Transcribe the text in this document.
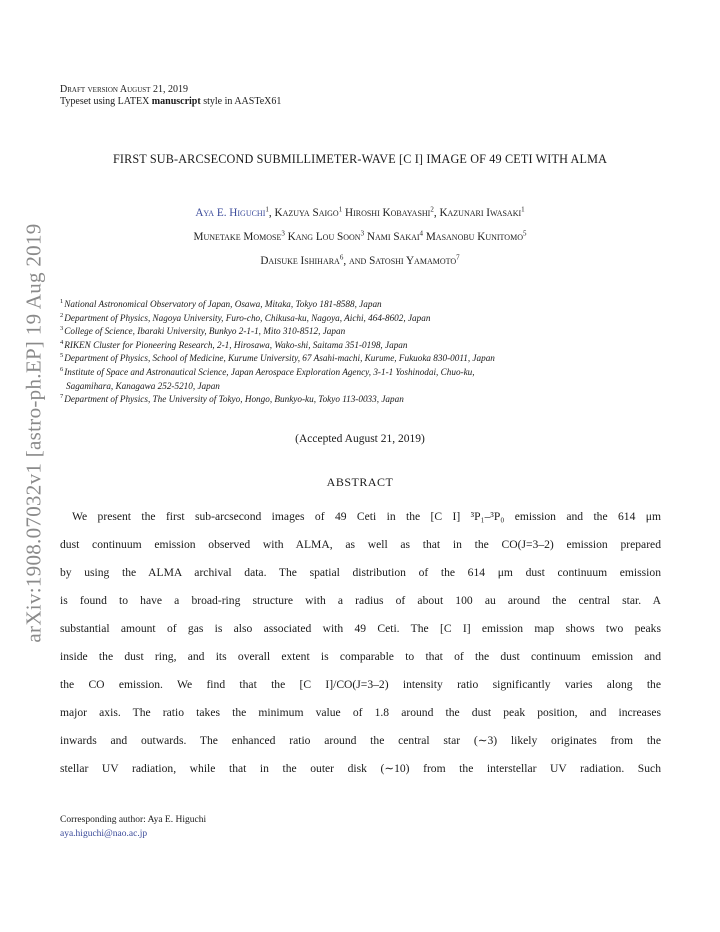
arXiv:1908.07032v1 [astro-ph.EP] 19 Aug 2019
Draft version August 21, 2019
Typeset using LATEX manuscript style in AASTeX61
FIRST SUB-ARCSECOND SUBMILLIMETER-WAVE [C I] IMAGE OF 49 CETI WITH ALMA
Aya E. Higuchi$^1$, Kazuya Saigo$^1$ Hiroshi Kobayashi$^2$, Kazunari Iwasaki$^1$
Munetake Momose$^3$ Kang Lou Soon$^3$ Nami Sakai$^4$ Masanobu Kunitomo$^5$
Daisuke Ishihara$^6$, and Satoshi Yamamoto$^7$
$^1$National Astronomical Observatory of Japan, Osawa, Mitaka, Tokyo 181-8588, Japan
$^2$Department of Physics, Nagoya University, Furo-cho, Chikusa-ku, Nagoya, Aichi, 464-8602, Japan
$^3$College of Science, Ibaraki University, Bunkyo 2-1-1, Mito 310-8512, Japan
$^4$RIKEN Cluster for Pioneering Research, 2-1, Hirosawa, Wako-shi, Saitama 351-0198, Japan
$^5$Department of Physics, School of Medicine, Kurume University, 67 Asahi-machi, Kurume, Fukuoka 830-0011, Japan
$^6$Institute of Space and Astronautical Science, Japan Aerospace Exploration Agency, 3-1-1 Yoshinodai, Chuo-ku,
Sagamihara, Kanagawa 252-5210, Japan
$^7$Department of Physics, The University of Tokyo, Hongo, Bunkyo-ku, Tokyo 113-0033, Japan
(Accepted August 21, 2019)
ABSTRACT
We present the first sub-arcsecond images of 49 Ceti in the [C I] ³P₁–³P₀ emission and the 614 μm
dust continuum emission observed with ALMA, as well as that in the CO(J=3–2) emission prepared
by using the ALMA archival data. The spatial distribution of the 614 μm dust continuum emission
is found to have a broad-ring structure with a radius of about 100 au around the central star. A
substantial amount of gas is also associated with 49 Ceti. The [C I] emission map shows two peaks
inside the dust ring, and its overall extent is comparable to that of the dust continuum emission and
the CO emission. We find that the [C I]/CO(J=3–2) intensity ratio significantly varies along the
major axis. The ratio takes the minimum value of 1.8 around the dust peak position, and increases
inwards and outwards. The enhanced ratio around the central star (∼3) likely originates from the
stellar UV radiation, while that in the outer disk (∼10) from the interstellar UV radiation. Such
Corresponding author: Aya E. Higuchi
aya.higuchi@nao.ac.jp
